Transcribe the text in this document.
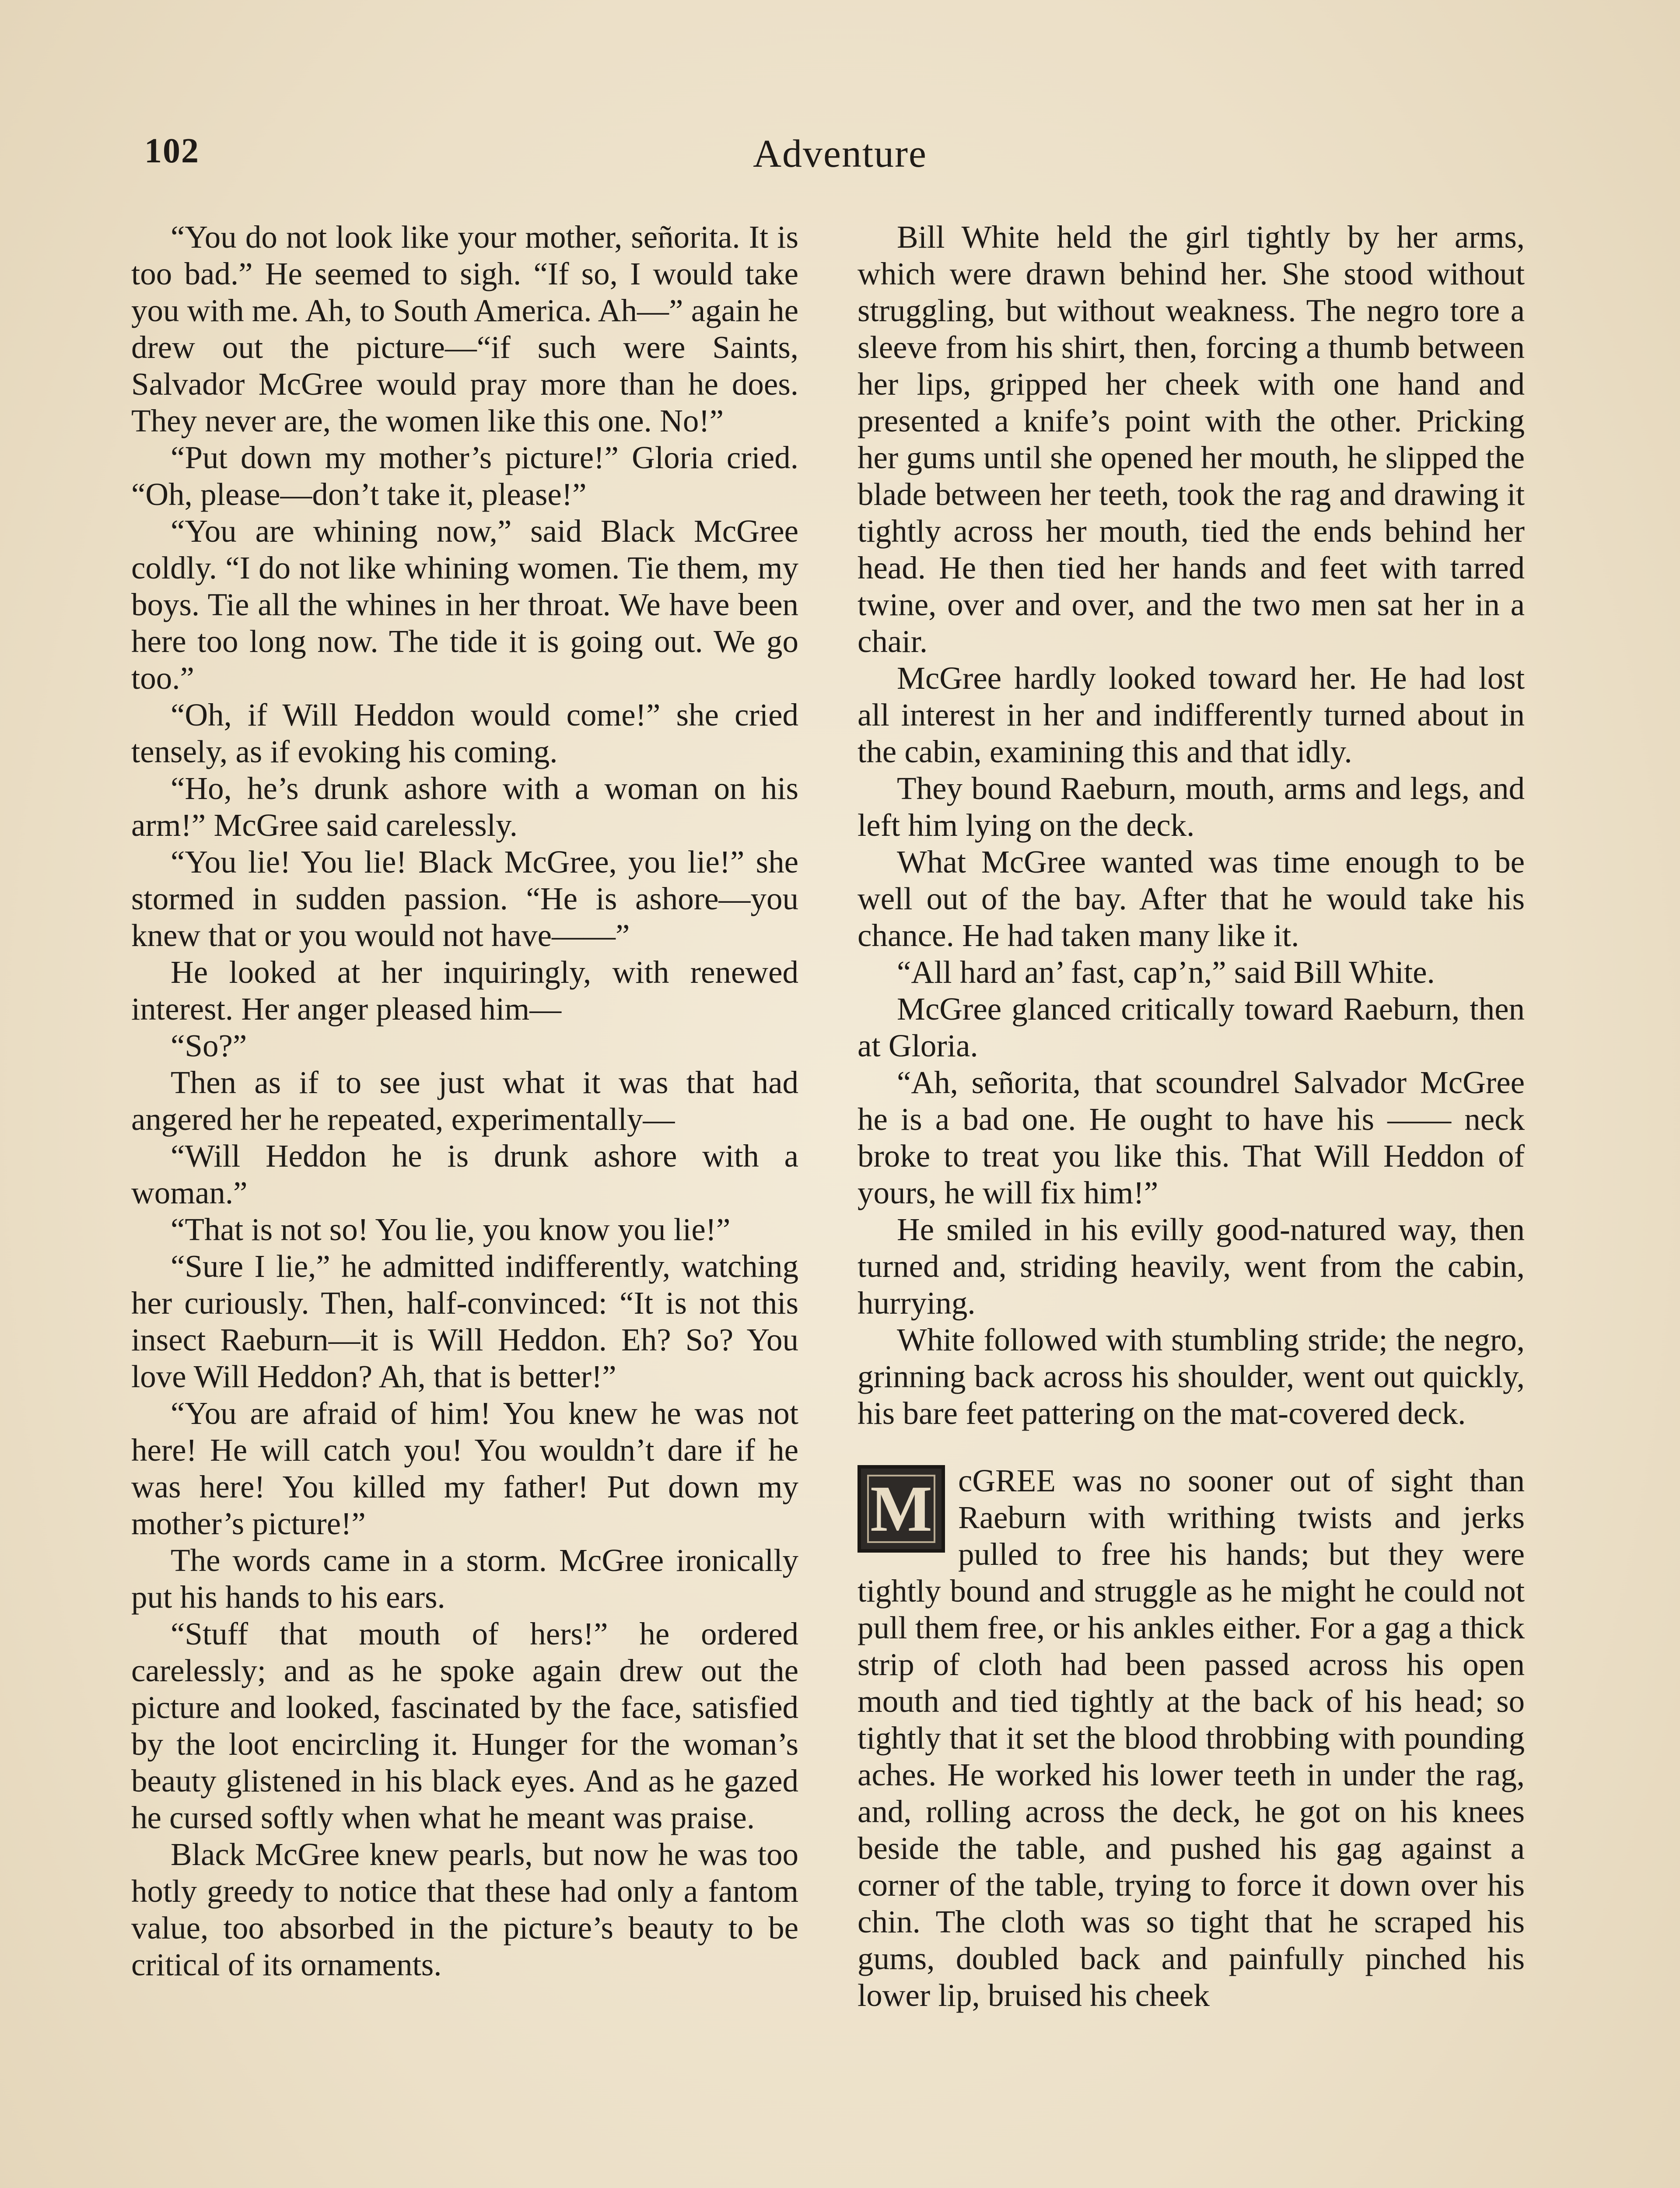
102	Adventure

“You do not look like your mother, señorita. It is too bad.” He seemed to sigh. “If so, I would take you with me. Ah, to South America. Ah—” again he drew out the picture—“if such were Saints, Salvador McGree would pray more than he does. They never are, the women like this one. No!”

“Put down my mother’s picture!” Gloria cried. “Oh, please—don’t take it, please!”

“You are whining now,” said Black McGree coldly. “I do not like whining women. Tie them, my boys. Tie all the whines in her throat. We have been here too long now. The tide it is going out. We go too.”

“Oh, if Will Heddon would come!” she cried tensely, as if evoking his coming.

“Ho, he’s drunk ashore with a woman on his arm!” McGree said carelessly.

“You lie! You lie! Black McGree, you lie!” she stormed in sudden passion. “He is ashore—you knew that or you would not have——”

He looked at her inquiringly, with renewed interest. Her anger pleased him—

“So?”

Then as if to see just what it was that had angered her he repeated, experimentally—

“Will Heddon he is drunk ashore with a woman.”

“That is not so! You lie, you know you lie!”

“Sure I lie,” he admitted indifferently, watching her curiously. Then, half-convinced: “It is not this insect Raeburn—it is Will Heddon. Eh? So? You love Will Heddon? Ah, that is better!”

“You are afraid of him! You knew he was not here! He will catch you! You wouldn’t dare if he was here! You killed my father! Put down my mother’s picture!”

The words came in a storm. McGree ironically put his hands to his ears.

“Stuff that mouth of hers!” he ordered carelessly; and as he spoke again drew out the picture and looked, fascinated by the face, satisfied by the loot encircling it. Hunger for the woman’s beauty glistened in his black eyes. And as he gazed he cursed softly when what he meant was praise.

Black McGree knew pearls, but now he was too hotly greedy to notice that these had only a fantom value, too absorbed in the picture’s beauty to be critical of its ornaments.

Bill White held the girl tightly by her arms, which were drawn behind her. She stood without struggling, but without weakness. The negro tore a sleeve from his shirt, then, forcing a thumb between her lips, gripped her cheek with one hand and presented a knife’s point with the other. Pricking her gums until she opened her mouth, he slipped the blade between her teeth, took the rag and drawing it tightly across her mouth, tied the ends behind her head. He then tied her hands and feet with tarred twine, over and over, and the two men sat her in a chair.

McGree hardly looked toward her. He had lost all interest in her and indifferently turned about in the cabin, examining this and that idly.

They bound Raeburn, mouth, arms and legs, and left him lying on the deck.

What McGree wanted was time enough to be well out of the bay. After that he would take his chance. He had taken many like it.

“All hard an’ fast, cap’n,” said Bill White.

McGree glanced critically toward Raeburn, then at Gloria.

“Ah, señorita, that scoundrel Salvador McGree he is a bad one. He ought to have his —— neck broke to treat you like this. That Will Heddon of yours, he will fix him!”

He smiled in his evilly good-natured way, then turned and, striding heavily, went from the cabin, hurrying.

White followed with stumbling stride; the negro, grinning back across his shoulder, went out quickly, his bare feet pattering on the mat-covered deck.

M cGREE was no sooner out of sight than Raeburn with writhing twists and jerks pulled to free his hands; but they were tightly bound and struggle as he might he could not pull them free, or his ankles either. For a gag a thick strip of cloth had been passed across his open mouth and tied tightly at the back of his head; so tightly that it set the blood throbbing with pounding aches. He worked his lower teeth in under the rag, and, rolling across the deck, he got on his knees beside the table, and pushed his gag against a corner of the table, trying to force it down over his chin. The cloth was so tight that he scraped his gums, doubled back and painfully pinched his lower lip, bruised his cheek
